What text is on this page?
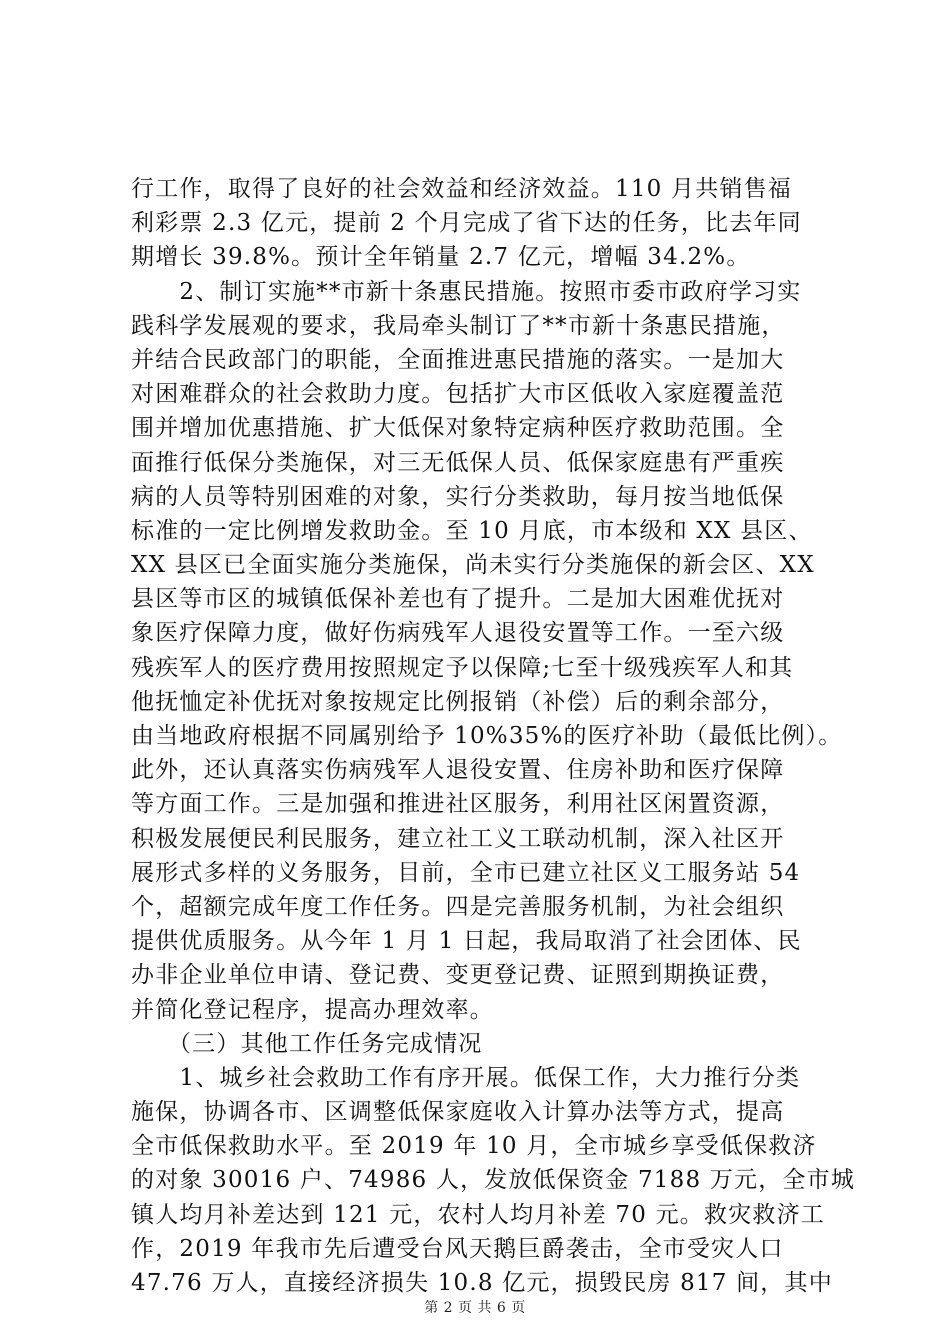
行工作，取得了良好的社会效益和经济效益。110 月共销售福
利彩票 2.3 亿元，提前 2 个月完成了省下达的任务，比去年同
期增长 39.8%。预计全年销量 2.7 亿元，增幅 34.2%。
　　2、制订实施**市新十条惠民措施。按照市委市政府学习实
践科学发展观的要求，我局牵头制订了**市新十条惠民措施，
并结合民政部门的职能，全面推进惠民措施的落实。一是加大
对困难群众的社会救助力度。包括扩大市区低收入家庭覆盖范
围并增加优惠措施、扩大低保对象特定病种医疗救助范围。全
面推行低保分类施保，对三无低保人员、低保家庭患有严重疾
病的人员等特别困难的对象，实行分类救助，每月按当地低保
标准的一定比例增发救助金。至 10 月底，市本级和 XX 县区、
XX 县区已全面实施分类施保，尚未实行分类施保的新会区、XX
县区等市区的城镇低保补差也有了提升。二是加大困难优抚对
象医疗保障力度，做好伤病残军人退役安置等工作。一至六级
残疾军人的医疗费用按照规定予以保障;七至十级残疾军人和其
他抚恤定补优抚对象按规定比例报销（补偿）后的剩余部分，
由当地政府根据不同属别给予 10%35%的医疗补助（最低比例）。
此外，还认真落实伤病残军人退役安置、住房补助和医疗保障
等方面工作。三是加强和推进社区服务，利用社区闲置资源，
积极发展便民利民服务，建立社工义工联动机制，深入社区开
展形式多样的义务服务，目前，全市已建立社区义工服务站 54
个，超额完成年度工作任务。四是完善服务机制，为社会组织
提供优质服务。从今年 1 月 1 日起，我局取消了社会团体、民
办非企业单位申请、登记费、变更登记费、证照到期换证费，
并简化登记程序，提高办理效率。
　　（三）其他工作任务完成情况
　　1、城乡社会救助工作有序开展。低保工作，大力推行分类
施保，协调各市、区调整低保家庭收入计算办法等方式，提高
全市低保救助水平。至 2019 年 10 月，全市城乡享受低保救济
的对象 30016 户、74986 人，发放低保资金 7188 万元，全市城
镇人均月补差达到 121 元，农村人均月补差 70 元。救灾救济工
作，2019 年我市先后遭受台风天鹅巨爵袭击，全市受灾人口
47.76 万人，直接经济损失 10.8 亿元，损毁民房 817 间，其中
第 2 页 共 6 页
